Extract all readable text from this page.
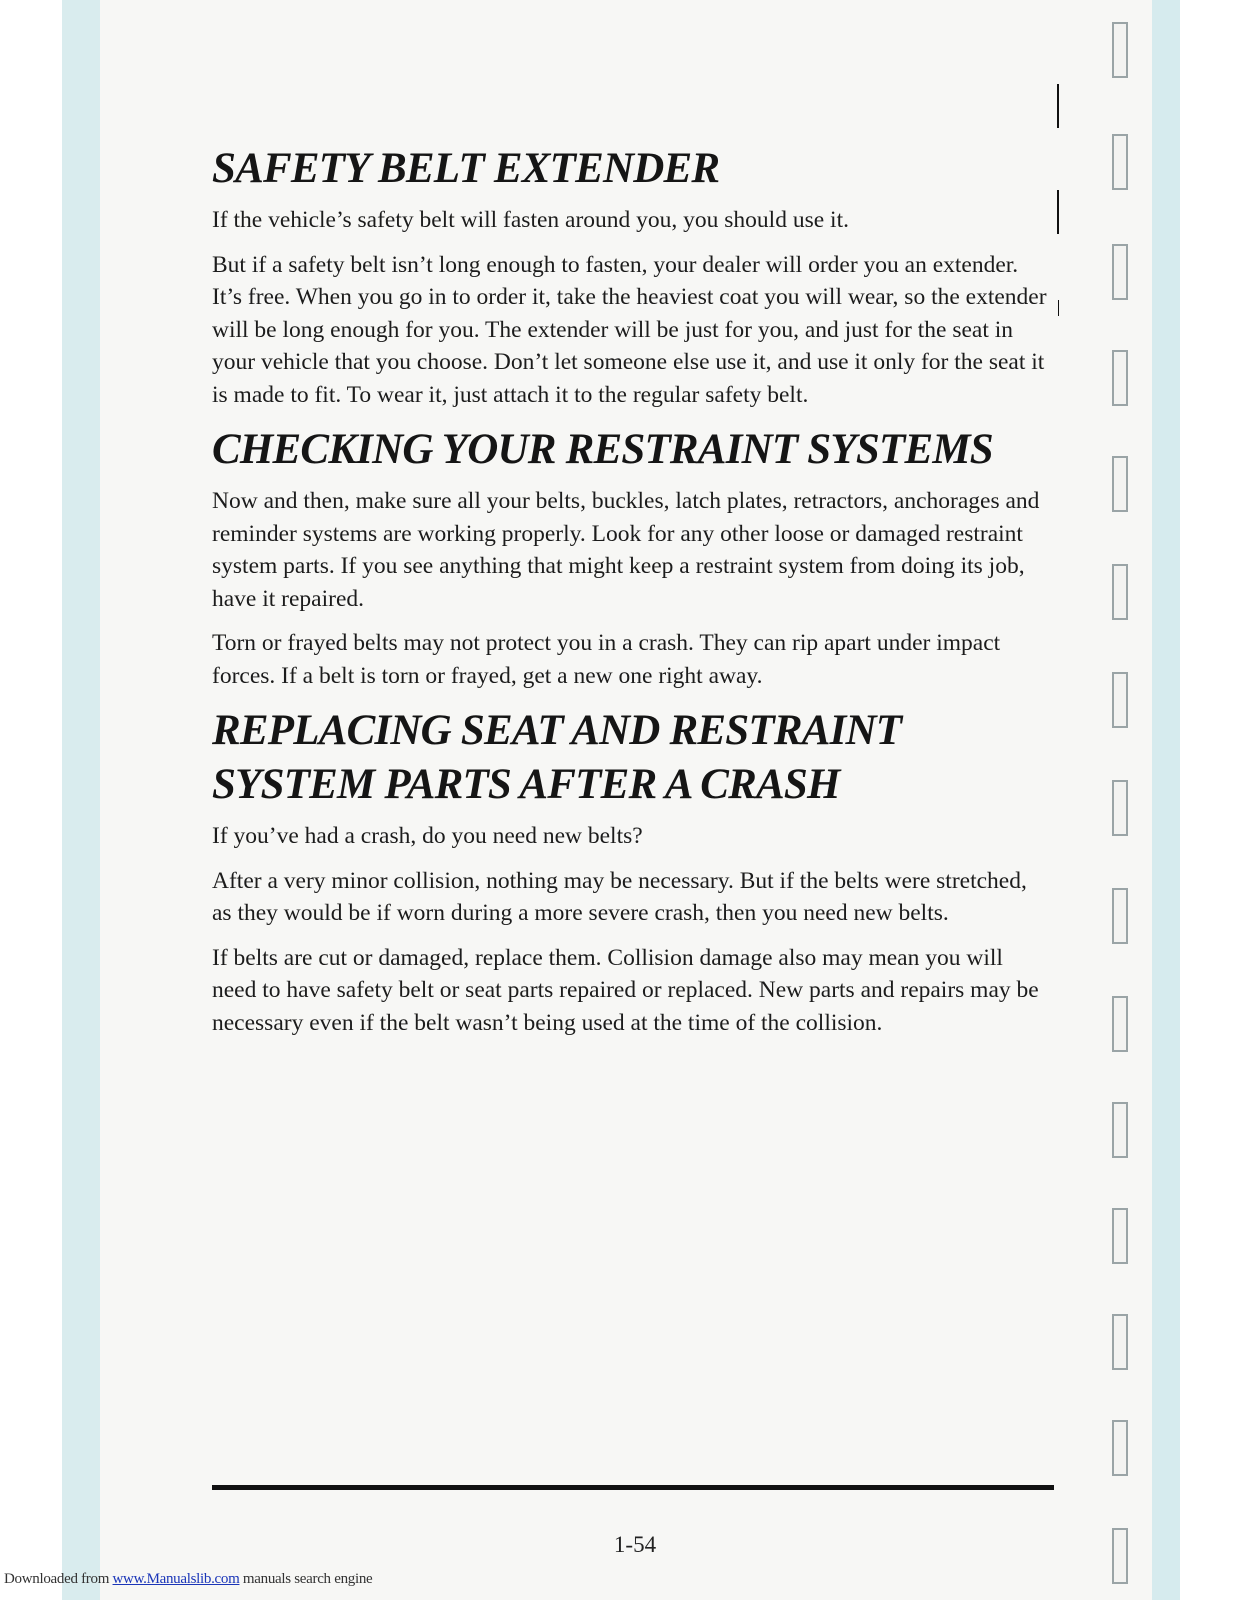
SAFETY BELT EXTENDER

If the vehicle’s safety belt will fasten around you, you should use it.

But if a safety belt isn’t long enough to fasten, your dealer will order you an extender. It’s free. When you go in to order it, take the heaviest coat you will wear, so the extender will be long enough for you. The extender will be just for you, and just for the seat in your vehicle that you choose. Don’t let someone else use it, and use it only for the seat it is made to fit. To wear it, just attach it to the regular safety belt.

CHECKING YOUR RESTRAINT SYSTEMS

Now and then, make sure all your belts, buckles, latch plates, retractors, anchorages and reminder systems are working properly. Look for any other loose or damaged restraint system parts. If you see anything that might keep a restraint system from doing its job, have it repaired.

Torn or frayed belts may not protect you in a crash. They can rip apart under impact forces. If a belt is torn or frayed, get a new one right away.

REPLACING SEAT AND RESTRAINT
SYSTEM PARTS AFTER A CRASH

If you’ve had a crash, do you need new belts?

After a very minor collision, nothing may be necessary. But if the belts were stretched, as they would be if worn during a more severe crash, then you need new belts.

If belts are cut or damaged, replace them. Collision damage also may mean you will need to have safety belt or seat parts repaired or replaced. New parts and repairs may be necessary even if the belt wasn’t being used at the time of the collision.

1-54
Downloaded from www.Manualslib.com manuals search engine
